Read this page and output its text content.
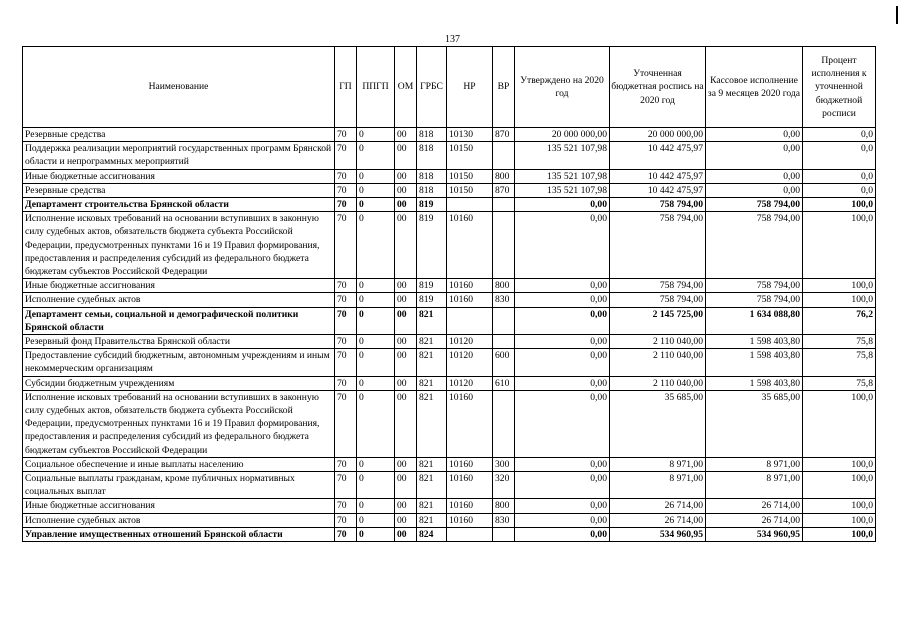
137
Наименование	ГП	ППГП	ОМ	ГРБС	НР	ВР	Утверждено на 2020 год	Уточненная бюджетная роспись на 2020 год	Кассовое исполнение за 9 месяцев 2020 года	Процент исполнения к уточненной бюджетной росписи
Резервные средства	70	0	00	818	10130	870	20 000 000,00	20 000 000,00	0,00	0,0
Поддержка реализации мероприятий государственных программ Брянской области и непрограммных мероприятий	70	0	00	818	10150		135 521 107,98	10 442 475,97	0,00	0,0
Иные бюджетные ассигнования	70	0	00	818	10150	800	135 521 107,98	10 442 475,97	0,00	0,0
Резервные средства	70	0	00	818	10150	870	135 521 107,98	10 442 475,97	0,00	0,0
Департамент строительства Брянской области	70	0	00	819			0,00	758 794,00	758 794,00	100,0
Исполнение исковых требований на основании вступивших в законную силу судебных актов, обязательств бюджета субъекта Российской Федерации, предусмотренных пунктами 16 и 19 Правил формирования, предоставления и распределения субсидий из федерального бюджета бюджетам субъектов Российской Федерации	70	0	00	819	10160		0,00	758 794,00	758 794,00	100,0
Иные бюджетные ассигнования	70	0	00	819	10160	800	0,00	758 794,00	758 794,00	100,0
Исполнение судебных актов	70	0	00	819	10160	830	0,00	758 794,00	758 794,00	100,0
Департамент семьи, социальной и демографической политики Брянской области	70	0	00	821			0,00	2 145 725,00	1 634 088,80	76,2
Резервный фонд Правительства Брянской области	70	0	00	821	10120		0,00	2 110 040,00	1 598 403,80	75,8
Предоставление субсидий бюджетным, автономным учреждениям и иным некоммерческим организациям	70	0	00	821	10120	600	0,00	2 110 040,00	1 598 403,80	75,8
Субсидии бюджетным учреждениям	70	0	00	821	10120	610	0,00	2 110 040,00	1 598 403,80	75,8
Исполнение исковых требований на основании вступивших в законную силу судебных актов, обязательств бюджета субъекта Российской Федерации, предусмотренных пунктами 16 и 19 Правил формирования, предоставления и распределения субсидий из федерального бюджета бюджетам субъектов Российской Федерации	70	0	00	821	10160		0,00	35 685,00	35 685,00	100,0
Социальное обеспечение и иные выплаты населению	70	0	00	821	10160	300	0,00	8 971,00	8 971,00	100,0
Социальные выплаты гражданам, кроме публичных нормативных социальных выплат	70	0	00	821	10160	320	0,00	8 971,00	8 971,00	100,0
Иные бюджетные ассигнования	70	0	00	821	10160	800	0,00	26 714,00	26 714,00	100,0
Исполнение судебных актов	70	0	00	821	10160	830	0,00	26 714,00	26 714,00	100,0
Управление имущественных отношений Брянской области	70	0	00	824			0,00	534 960,95	534 960,95	100,0
